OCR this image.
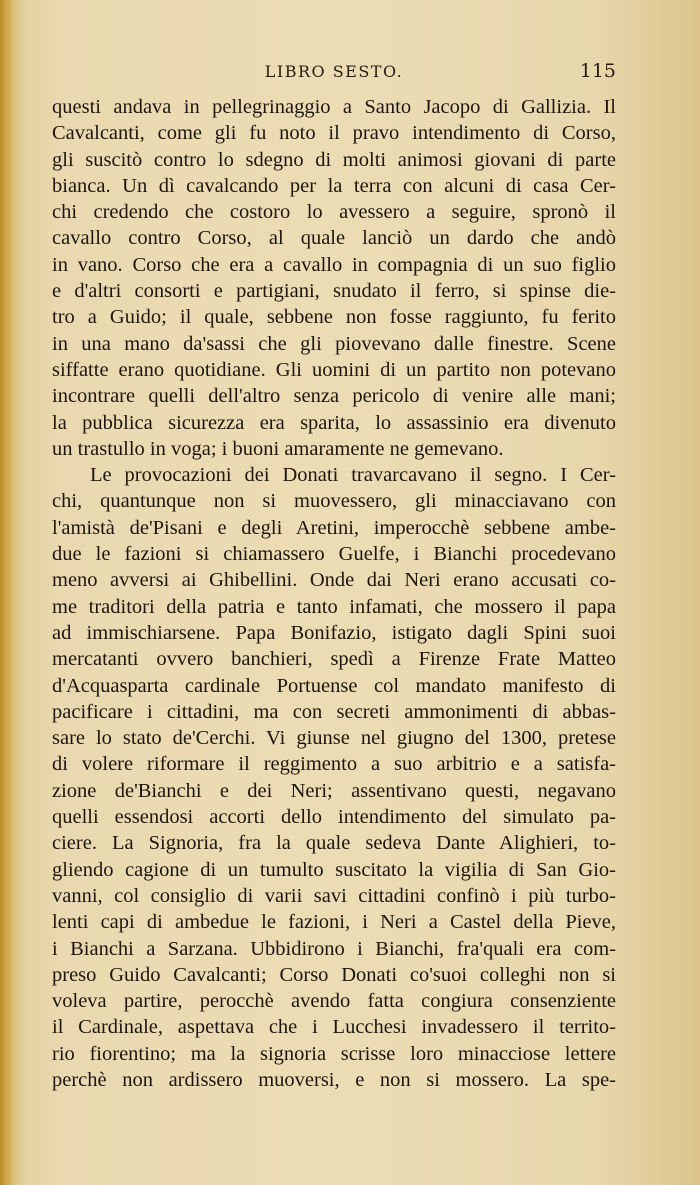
LIBRO SESTO.	115
questi andava in pellegrinaggio a Santo Jacopo di Gallizia. Il
Cavalcanti, come gli fu noto il pravo intendimento di Corso,
gli suscitò contro lo sdegno di molti animosi giovani di parte
bianca. Un dì cavalcando per la terra con alcuni di casa Cer-
chi credendo che costoro lo avessero a seguire, spronò il
cavallo contro Corso, al quale lanciò un dardo che andò
in vano. Corso che era a cavallo in compagnia di un suo figlio
e d'altri consorti e partigiani, snudato il ferro, si spinse die-
tro a Guido; il quale, sebbene non fosse raggiunto, fu ferito
in una mano da'sassi che gli piovevano dalle finestre. Scene
siffatte erano quotidiane. Gli uomini di un partito non potevano
incontrare quelli dell'altro senza pericolo di venire alle mani;
la pubblica sicurezza era sparita, lo assassinio era divenuto
un trastullo in voga; i buoni amaramente ne gemevano.
Le provocazioni dei Donati travarcavano il segno. I Cer-
chi, quantunque non si muovessero, gli minacciavano con
l'amistà de'Pisani e degli Aretini, imperocchè sebbene ambe-
due le fazioni si chiamassero Guelfe, i Bianchi procedevano
meno avversi ai Ghibellini. Onde dai Neri erano accusati co-
me traditori della patria e tanto infamati, che mossero il papa
ad immischiarsene. Papa Bonifazio, istigato dagli Spini suoi
mercatanti ovvero banchieri, spedì a Firenze Frate Matteo
d'Acquasparta cardinale Portuense col mandato manifesto di
pacificare i cittadini, ma con secreti ammonimenti di abbas-
sare lo stato de'Cerchi. Vi giunse nel giugno del 1300, pretese
di volere riformare il reggimento a suo arbitrio e a satisfa-
zione de'Bianchi e dei Neri; assentivano questi, negavano
quelli essendosi accorti dello intendimento del simulato pa-
ciere. La Signoria, fra la quale sedeva Dante Alighieri, to-
gliendo cagione di un tumulto suscitato la vigilia di San Gio-
vanni, col consiglio di varii savi cittadini confinò i più turbo-
lenti capi di ambedue le fazioni, i Neri a Castel della Pieve,
i Bianchi a Sarzana. Ubbidirono i Bianchi, fra'quali era com-
preso Guido Cavalcanti; Corso Donati co'suoi colleghi non si
voleva partire, perocchè avendo fatta congiura consenziente
il Cardinale, aspettava che i Lucchesi invadessero il territo-
rio fiorentino; ma la signoria scrisse loro minacciose lettere
perchè non ardissero muoversi, e non si mossero. La spe-
